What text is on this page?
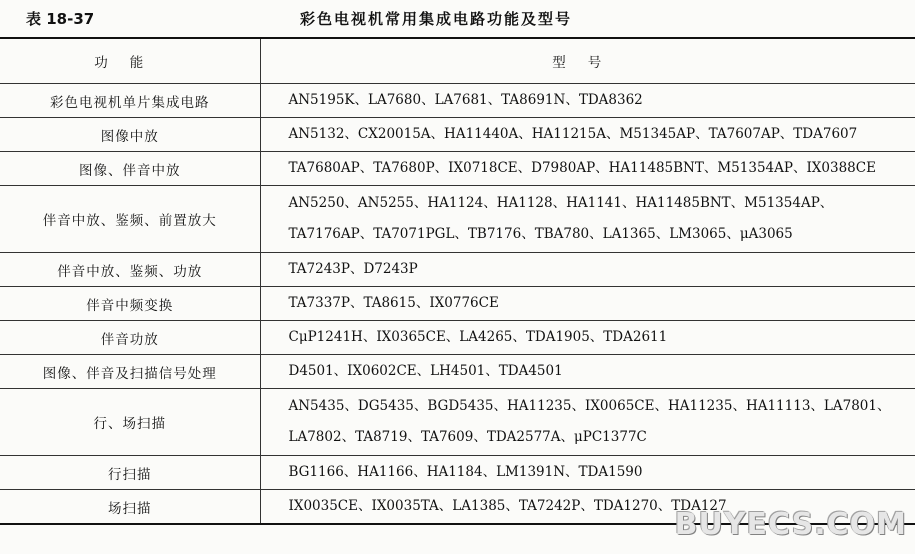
表 18-37	彩色电视机常用集成电路功能及型号
功能	型号
彩色电视机单片集成电路	AN5195K、LA7680、LA7681、TA8691N、TDA8362

图像中放	AN5132、CX20015A、HA11440A、HA11215A、M51345AP、TA7607AP、TDA7607

图像、伴音中放	TA7680AP、TA7680P、IX0718CE、D7980AP、HA11485BNT、M51354AP、IX0388CE

伴音中放、鉴频、前置放大	AN5250、AN5255、HA1124、HA1128、HA1141、HA11485BNT、M51354AP、
TA7176AP、TA7071PGL、TB7176、TBA780、LA1365、LM3065、μA3065

伴音中放、鉴频、功放	TA7243P、D7243P

伴音中频变换	TA7337P、TA8615、IX0776CE

伴音功放	CμP1241H、IX0365CE、LA4265、TDA1905、TDA2611

图像、伴音及扫描信号处理	D4501、IX0602CE、LH4501、TDA4501

行、场扫描	AN5435、DG5435、BGD5435、HA11235、IX0065CE、HA11235、HA11113、LA7801、
LA7802、TA8719、TA7609、TDA2577A、μPC1377C

行扫描	BG1166、HA1166、HA1184、LM1391N、TDA1590

场扫描	IX0035CE、IX0035TA、LA1385、TA7242P、TDA1270、TDA127
BUYECS.COM
